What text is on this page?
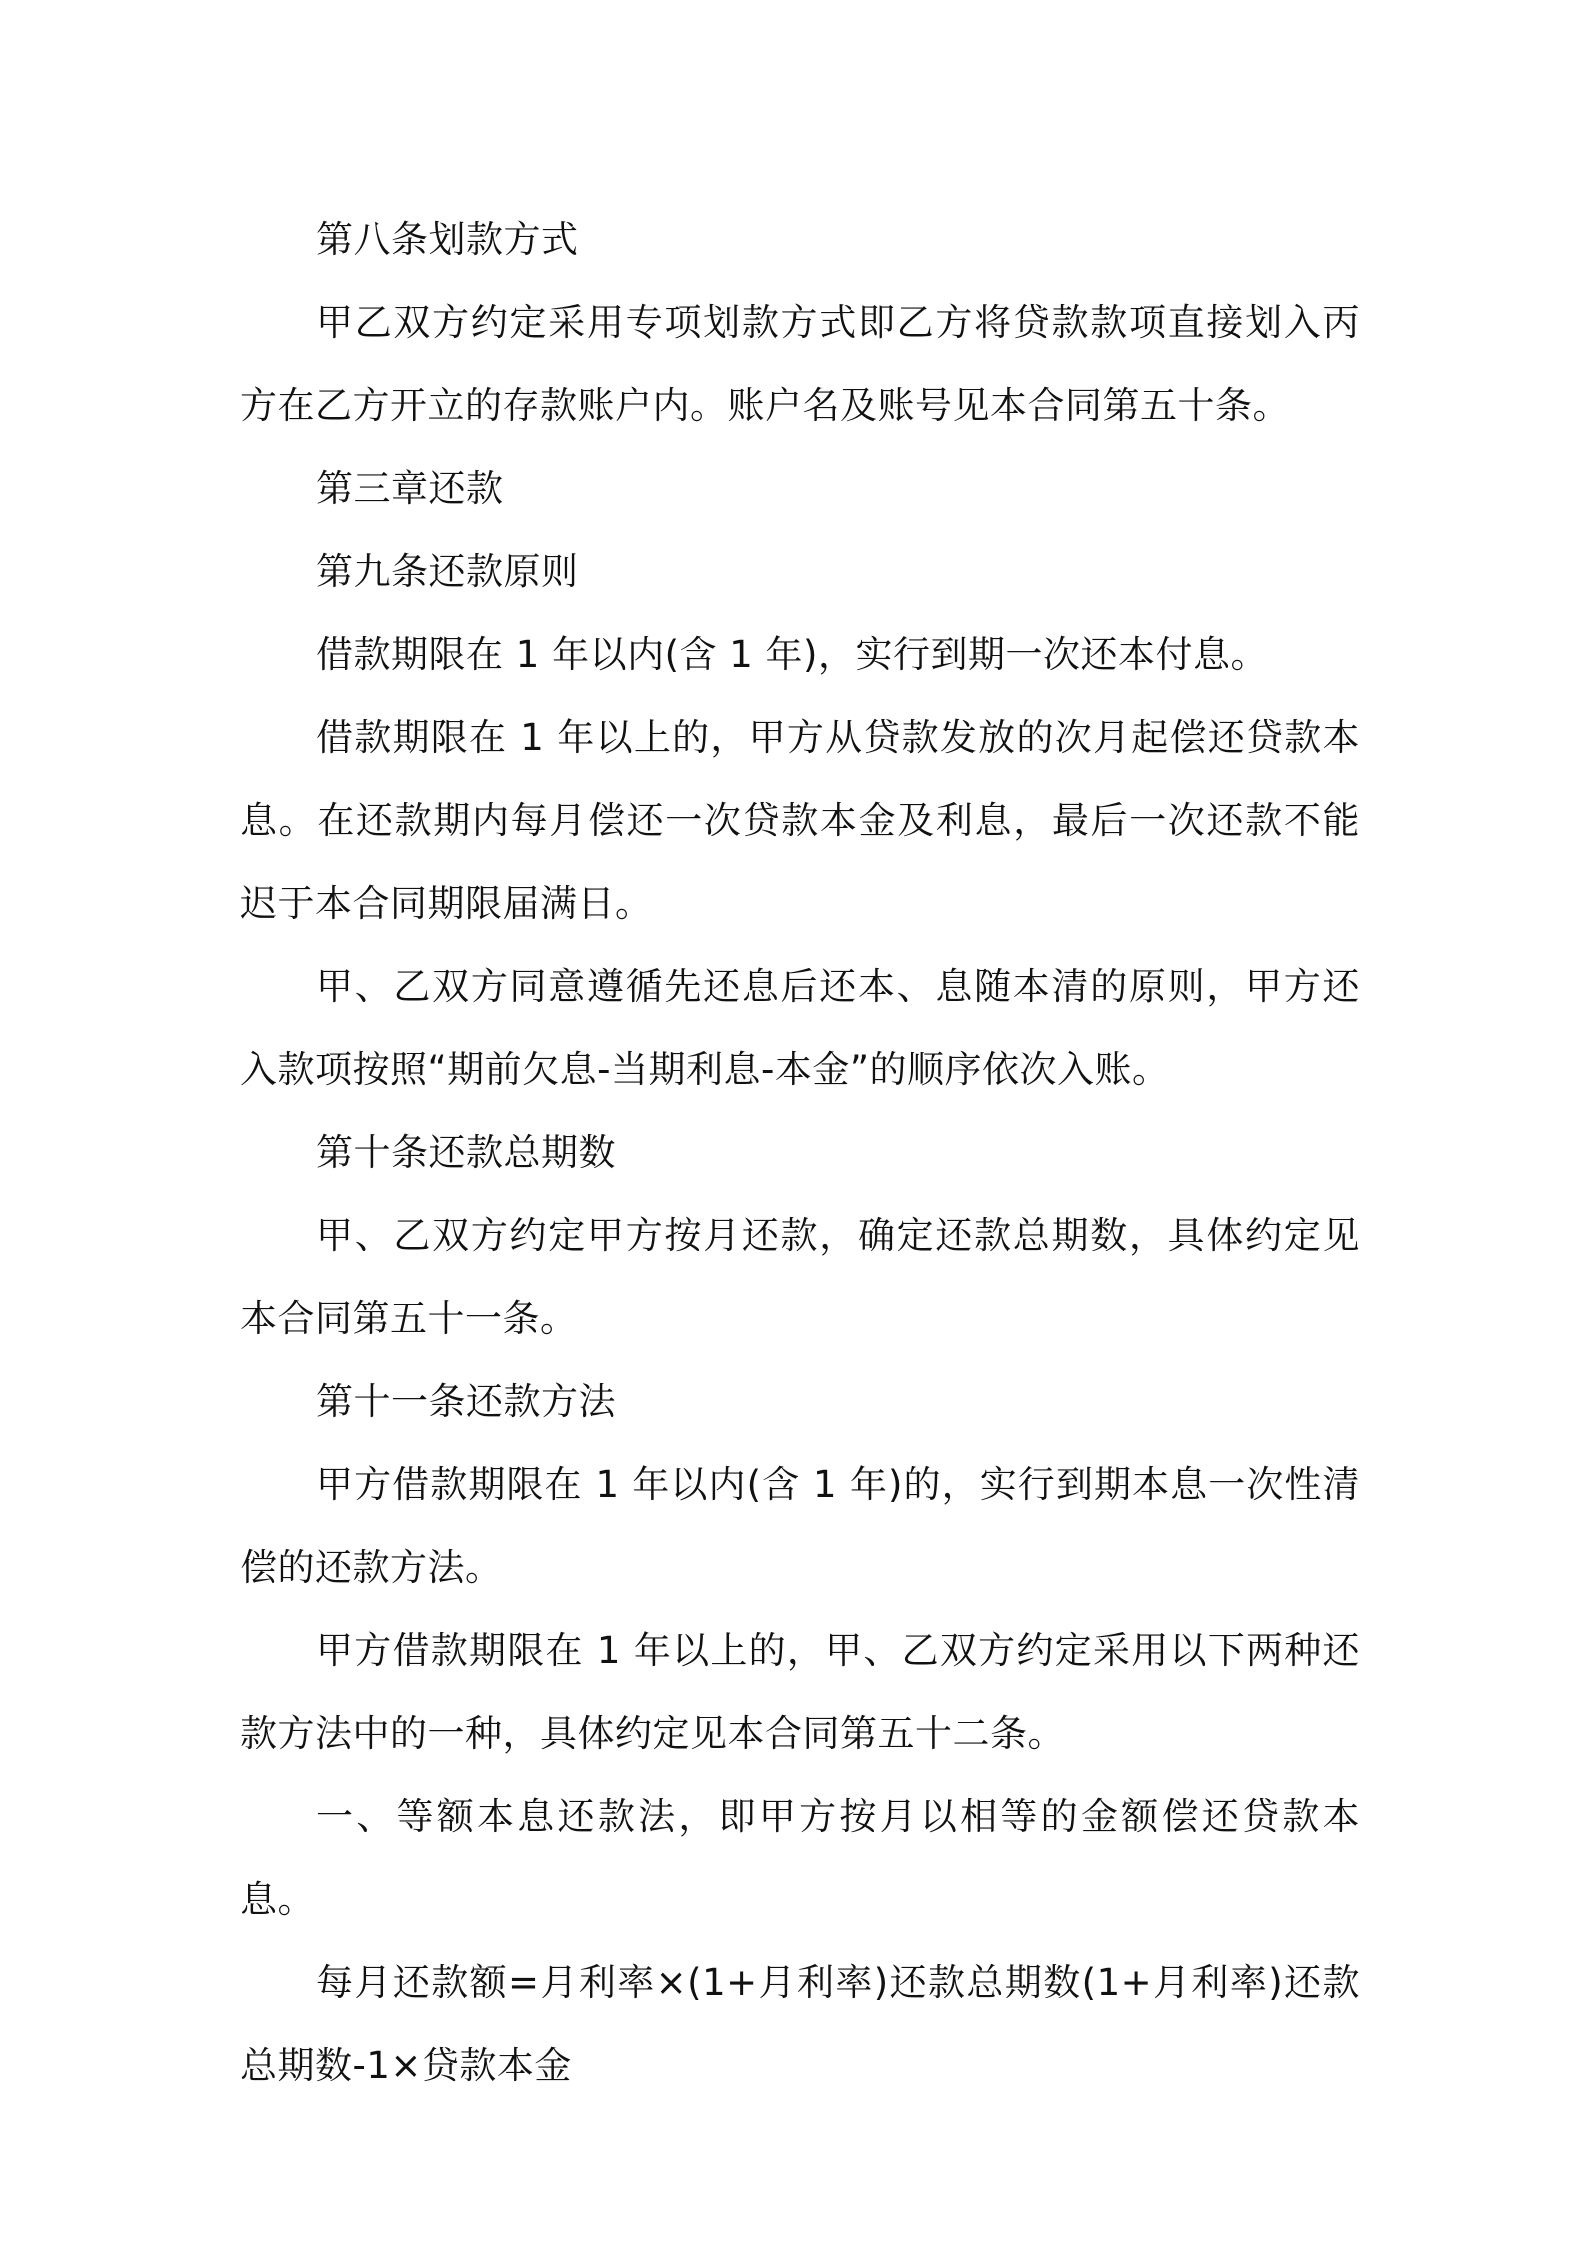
第八条划款方式

甲乙双方约定采用专项划款方式即乙方将贷款款项直接划入丙方在乙方开立的存款账户内。账户名及账号见本合同第五十条。

第三章还款

第九条还款原则

借款期限在 1 年以内(含 1 年)，实行到期一次还本付息。

借款期限在 1 年以上的，甲方从贷款发放的次月起偿还贷款本息。在还款期内每月偿还一次贷款本金及利息，最后一次还款不能迟于本合同期限届满日。

甲、乙双方同意遵循先还息后还本、息随本清的原则，甲方还入款项按照“期前欠息-当期利息-本金”的顺序依次入账。

第十条还款总期数

甲、乙双方约定甲方按月还款，确定还款总期数，具体约定见本合同第五十一条。

第十一条还款方法

甲方借款期限在 1 年以内(含 1 年)的，实行到期本息一次性清偿的还款方法。

甲方借款期限在 1 年以上的，甲、乙双方约定采用以下两种还款方法中的一种，具体约定见本合同第五十二条。

一、等额本息还款法，即甲方按月以相等的金额偿还贷款本息。

每月还款额=月利率×(1+月利率)还款总期数(1+月利率)还款总期数-1×贷款本金
